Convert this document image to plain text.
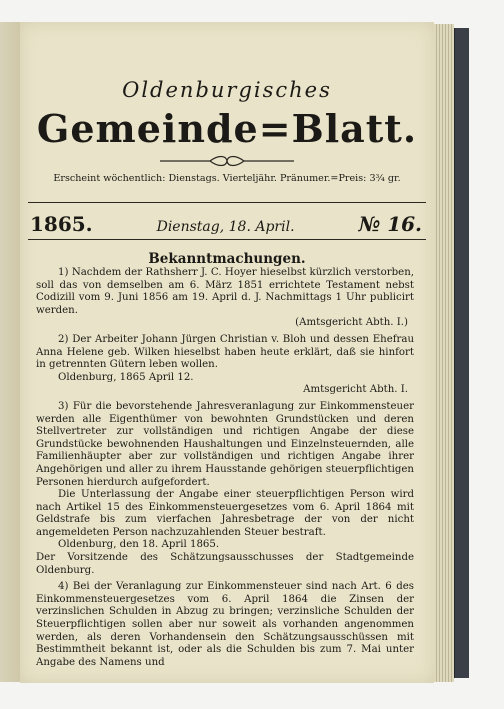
Oldenburgisches
Gemeinde=Blatt.
Erscheint wöchentlich: Dienstags. Vierteljähr. Pränumer.=Preis: 3¾ gr.
1865.	Dienstag, 18. April.	№ 16.
Bekanntmachungen.

1) Nachdem der Rathsherr J. C. Hoyer hieselbst kürzlich verstorben, soll das von demselben am 6. März 1851 errichtete Testament nebst Codizill vom 9. Juni 1856 am 19. April d. J. Nachmittags 1 Uhr publicirt werden.

(Amtsgericht Abth. I.)

2) Der Arbeiter Johann Jürgen Christian v. Bloh und dessen Ehefrau Anna Helene geb. Wilken hieselbst haben heute erklärt, daß sie hinfort in getrennten Gütern leben wollen.

Oldenburg, 1865 April 12.

Amtsgericht Abth. I.

3) Für die bevorstehende Jahresveranlagung zur Einkommensteuer werden alle Eigenthümer von bewohnten Grundstücken und deren Stellvertreter zur vollständigen und richtigen Angabe der diese Grundstücke bewohnenden Haushaltungen und Einzelnsteuernden, alle Familienhäupter aber zur vollständigen und richtigen Angabe ihrer Angehörigen und aller zu ihrem Hausstande gehörigen steuerpflichtigen Personen hierdurch aufgefordert.

Die Unterlassung der Angabe einer steuerpflichtigen Person wird nach Artikel 15 des Einkommensteuergesetzes vom 6. April 1864 mit Geldstrafe bis zum vierfachen Jahresbetrage der von der nicht angemeldeten Person nachzuzahlenden Steuer bestraft.

Oldenburg, den 18. April 1865.

Der Vorsitzende des Schätzungsausschusses der Stadtgemeinde Oldenburg.

4) Bei der Veranlagung zur Einkommensteuer sind nach Art. 6 des Einkommensteuergesetzes vom 6. April 1864 die Zinsen der verzinslichen Schulden in Abzug zu bringen; verzinsliche Schulden der Steuerpflichtigen sollen aber nur soweit als vorhanden angenommen werden, als deren Vorhandensein den Schätzungsausschüssen mit Bestimmtheit bekannt ist, oder als die Schulden bis zum 7. Mai unter Angabe des Namens und
